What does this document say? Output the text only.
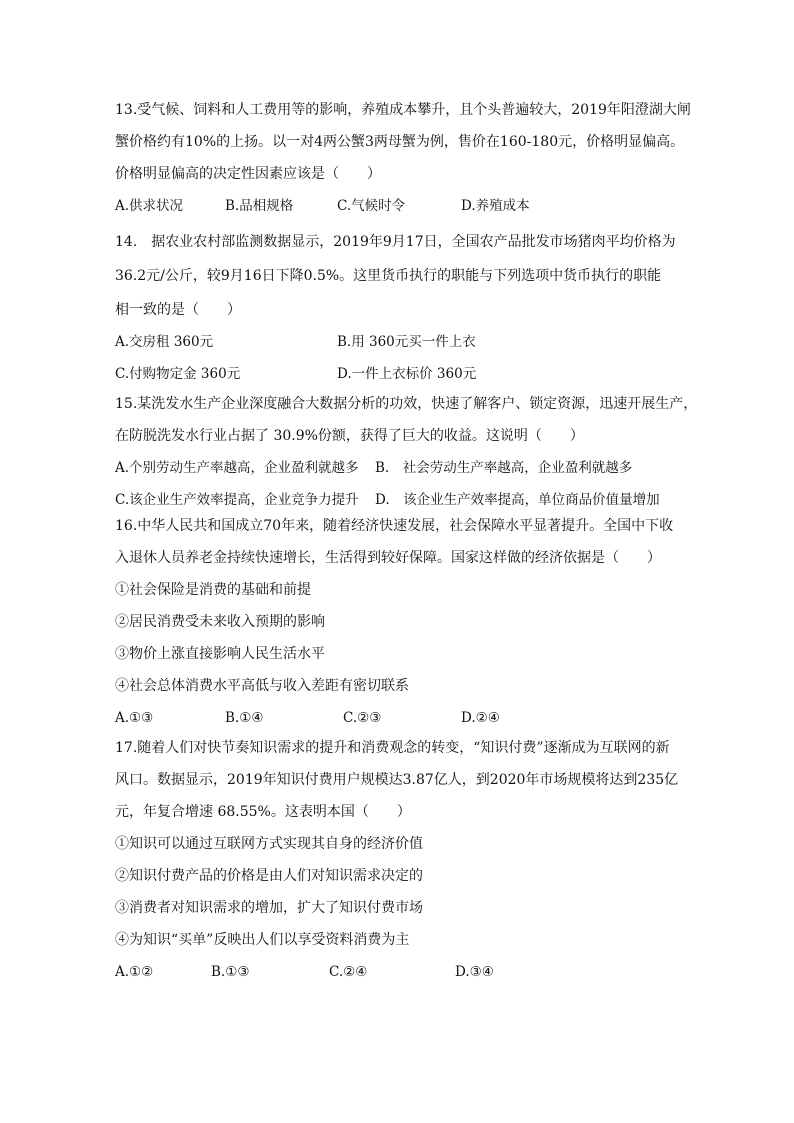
13.受气候、饲料和人工费用等的影响，养殖成本攀升，且个头普遍较大，2019年阳澄湖大闸
蟹价格约有10%的上扬。以一对4两公蟹3两母蟹为例，售价在160-180元，价格明显偏高。
价格明显偏高的决定性因素应该是（　　）
A.供求状况	B.品相规格	C.气候时令	D.养殖成本
14.　据农业农村部监测数据显示，2019年9月17日，全国农产品批发市场猪肉平均价格为
36.2元/公斤，较9月16日下降0.5%。这里货币执行的职能与下列选项中货币执行的职能
相一致的是（　　）
A.交房租 360元	B.用 360元买一件上衣
C.付购物定金 360元	D.一件上衣标价 360元
15.某洗发水生产企业深度融合大数据分析的功效，快速了解客户、锁定资源，迅速开展生产，
在防脱洗发水行业占据了 30.9%份额，获得了巨大的收益。这说明（　　）
A.个别劳动生产率越高，企业盈利就越多	B.　社会劳动生产率越高，企业盈利就越多
C.该企业生产效率提高，企业竞争力提升	D.　该企业生产效率提高，单位商品价值量增加
16.中华人民共和国成立70年来，随着经济快速发展，社会保障水平显著提升。全国中下收
入退休人员养老金持续快速增长，生活得到较好保障。国家这样做的经济依据是（　　）
①社会保险是消费的基础和前提
②居民消费受未来收入预期的影响
③物价上涨直接影响人民生活水平
④社会总体消费水平高低与收入差距有密切联系
A.①③	B.①④	C.②③	D.②④
17.随着人们对快节奏知识需求的提升和消费观念的转变，“知识付费”逐渐成为互联网的新
风口。数据显示，2019年知识付费用户规模达3.87亿人，到2020年市场规模将达到235亿
元，年复合增速 68.55%。这表明本国（　　）
①知识可以通过互联网方式实现其自身的经济价值
②知识付费产品的价格是由人们对知识需求决定的
③消费者对知识需求的增加，扩大了知识付费市场
④为知识“买单”反映出人们以享受资料消费为主
A.①②	B.①③	C.②④	D.③④
